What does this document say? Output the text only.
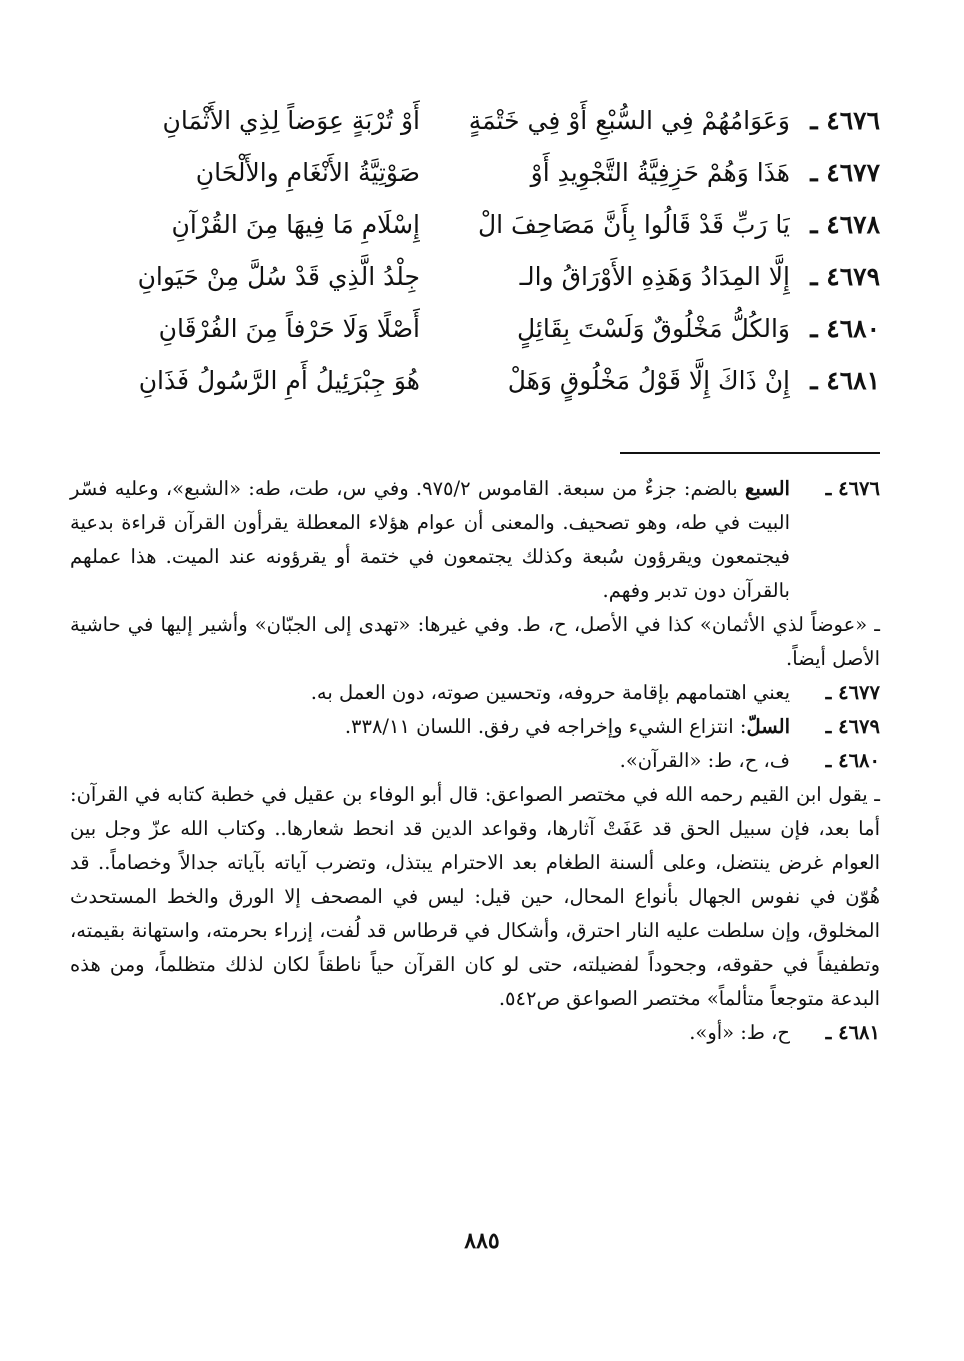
٤٦٧٦ ـ
وَعَوَامُهُمْ فِي السُّبْعِ أَوْ فِي خَتْمَةٍ
أَوْ تُرْبَةٍ عِوَضاً لِذِي الأَثْمَانِ
٤٦٧٧ ـ
هَذَا وَهُمْ حَزِفِيَّةُ التَّجْوِيدِ أَوْ
صَوْتِيَّةُ الأَنْغَامِ والأَلْحَانِ
٤٦٧٨ ـ
يَا رَبِّ قَدْ قَالُوا بِأَنَّ مَصَاحِفَ الْ
إِسْلَامِ مَا فِيهَا مِنَ القُرْآنِ
٤٦٧٩ ـ
إِلَّا المِدَادُ وَهَذِهِ الأَوْرَاقُ والـ
جِلْدُ الَّذِي قَدْ سُلَّ مِنْ حَيَوانِ
٤٦٨٠ ـ
وَالكُلُّ مَخْلُوقٌ وَلَسْتَ بِقَائِلٍ
أَصْلًا وَلَا حَرْفاً مِنَ الفُرْقَانِ
٤٦٨١ ـ
إِنْ ذَاكَ إِلَّا قَوْلُ مَخْلُوقٍ وَهَلْ
هُوَ جِبْرَئِيلُ أَمِ الرَّسُولُ فَذَانِ
٤٦٧٦ ـ
السبع بالضم: جزءٌ من سبعة. القاموس ٩٧٥/٢. وفي س، طت، طه: «الشبع»، وعليه فسّر البيت في طه، وهو تصحيف. والمعنى أن عوام هؤلاء المعطلة يقرأون القرآن قراءة بدعية فيجتمعون ويقرؤون سُبعة وكذلك يجتمعون في ختمة أو يقرؤونه عند الميت. هذا عملهم بالقرآن دون تدبر وفهم.
ـ «عوضاً لذي الأثمان» كذا في الأصل، ح، ط. وفي غيرها: «تهدى إلى الجبّان» وأشير إليها في حاشية الأصل أيضاً.
٤٦٧٧ ـ
يعني اهتمامهم بإقامة حروفه، وتحسين صوته، دون العمل به.
٤٦٧٩ ـ
السلّ: انتزاع الشيء وإخراجه في رفق. اللسان ٣٣٨/١١.
٤٦٨٠ ـ
ف، ح، ط: «القرآن».
ـ يقول ابن القيم رحمه الله في مختصر الصواعق: قال أبو الوفاء بن عقيل في خطبة كتابه في القرآن: أما بعد، فإن سبيل الحق قد عَفَتْ آثارها، وقواعد الدين قد انحط شعارها.. وكتاب الله عزّ وجل بين العوام غرض ينتضل، وعلى ألسنة الطغام بعد الاحترام يبتذل، وتضرب آياته بآياته جدالاً وخصاماً.. قد هُوّن في نفوس الجهال بأنواع المحال، حين قيل: ليس في المصحف إلا الورق والخط المستحدث المخلوق، وإن سلطت عليه النار احترق، وأشكال في قرطاس قد لُفت، إزراء بحرمته، واستهانة بقيمته، وتطفيفاً في حقوقه، وجحوداً لفضيلته، حتى لو كان القرآن حياً ناطقاً لكان لذلك متظلماً، ومن هذه البدعة متوجعاً متألماً» مختصر الصواعق ص٥٤٢.
٤٦٨١ ـ
ح، ط: «أو».
٨٨٥
